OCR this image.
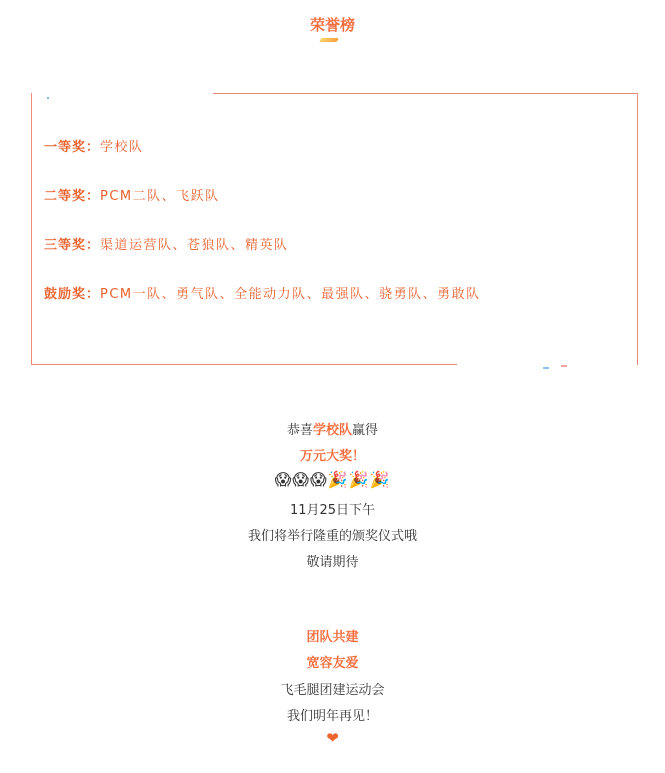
荣誉榜
一等奖：学校队
二等奖：PCM二队、飞跃队
三等奖：渠道运营队、苍狼队、精英队
鼓励奖：PCM一队、勇气队、全能动力队、最强队、骁勇队、勇敢队
恭喜学校队赢得
万元大奖！
😱😱😱🎉🎉🎉
11月25日下午
我们将举行隆重的颁奖仪式哦
敬请期待
团队共建
宽容友爱
飞毛腿团建运动会
我们明年再见！
❤
